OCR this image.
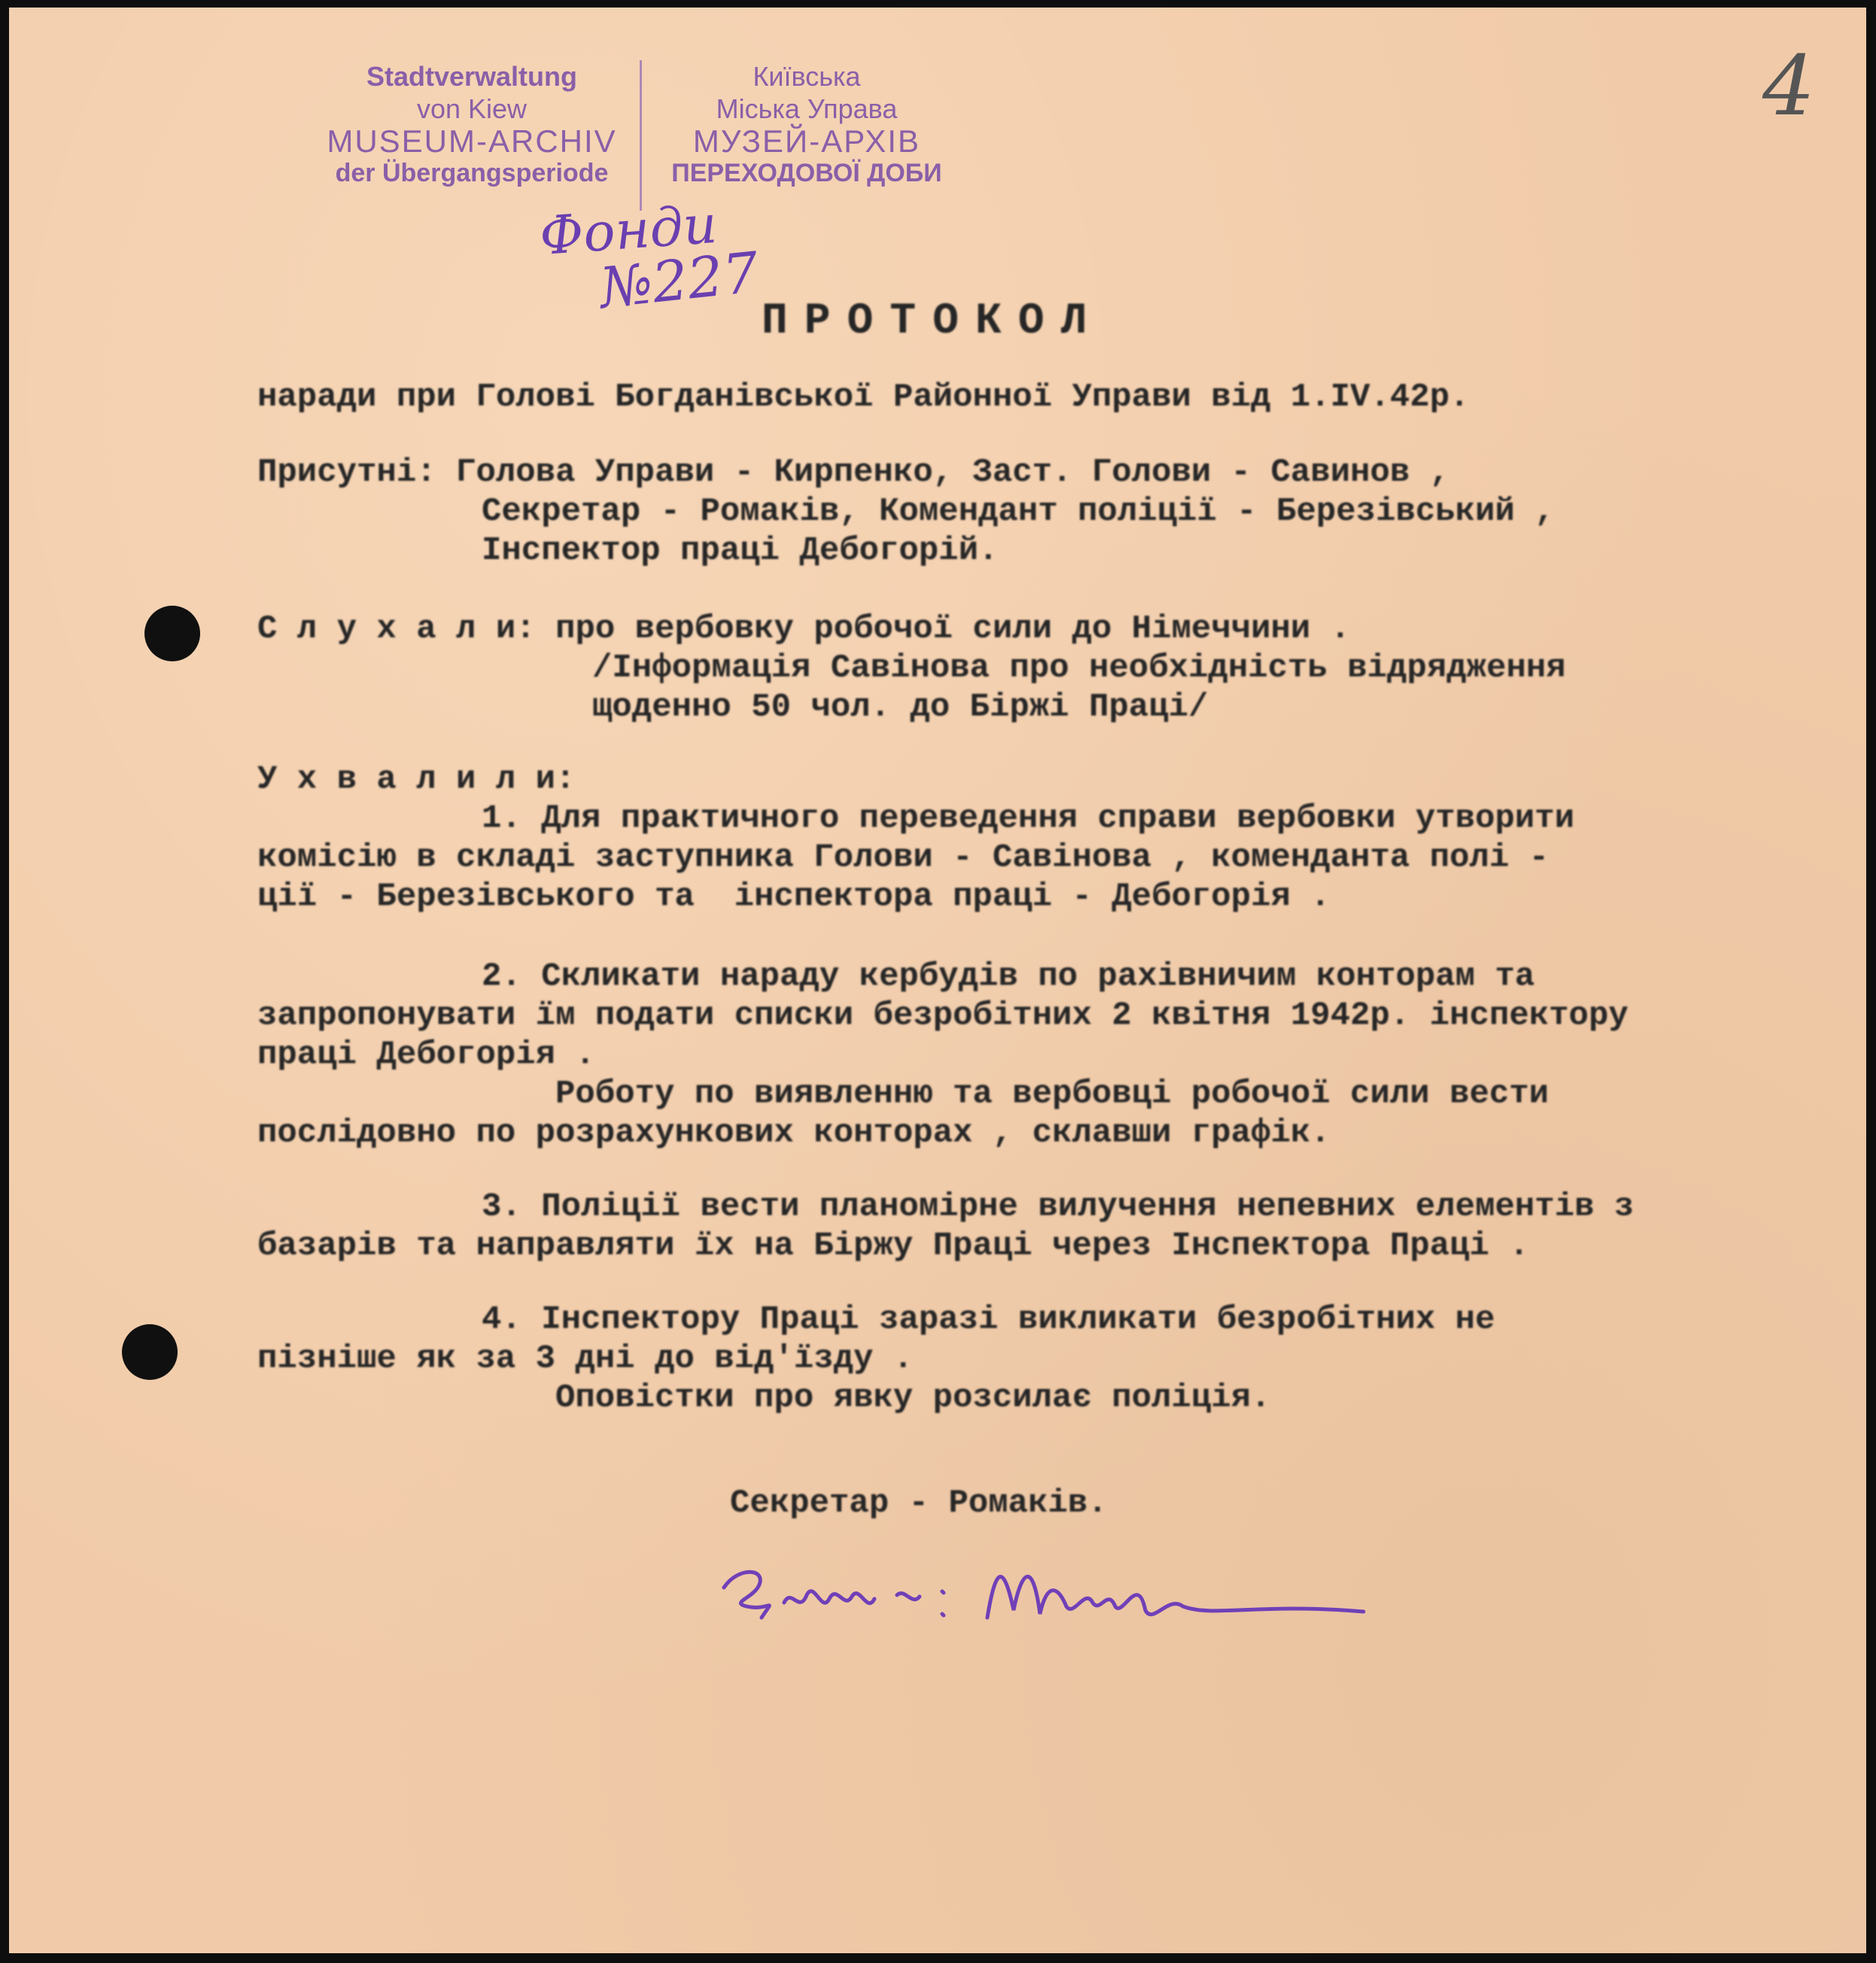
Stadtverwaltung
von Kiew
MUSEUM-ARCHIV
der Übergangsperiode
Київська
Міська Управа
МУЗЕЙ-АРХІВ
ПЕРЕХОДОВОЇ ДОБИ
Фонди
№227
4
ПРОТОКОЛ
наради при Голові Богданівської Районної Управи від 1.IV.42р.
Присутні: Голова Управи - Кирпенко, Заст. Голови - Савинов ,
Секретар - Ромаків, Комендант поліції - Березівський ,
Інспектор праці Дебогорій.
С л у х а л и: про вербовку робочої сили до Німеччини .
/Інформація Савінова про необхідність відрядження
щоденно 50 чол. до Біржі Праці/
У х в а л и л и:
1. Для практичного переведення справи вербовки утворити
комісію в складі заступника Голови - Савінова , коменданта полі -
ції - Березівського та  інспектора праці - Дебогорія .
2. Скликати нараду кербудів по рахівничим конторам та
запропонувати їм подати списки безробітних 2 квітня 1942р. інспектору
праці Дебогорія .
Роботу по виявленню та вербовці робочої сили вести
послідовно по розрахункових конторах , склавши графік.
3. Поліції вести планомірне вилучення непевних елементів з
базарів та направляти їх на Біржу Праці через Інспектора Праці .
4. Інспектору Праці заразі викликати безробітних не
пізніше як за 3 дні до від'їзду .
Оповістки про явку розсилає поліція.
Секретар - Ромаків.
